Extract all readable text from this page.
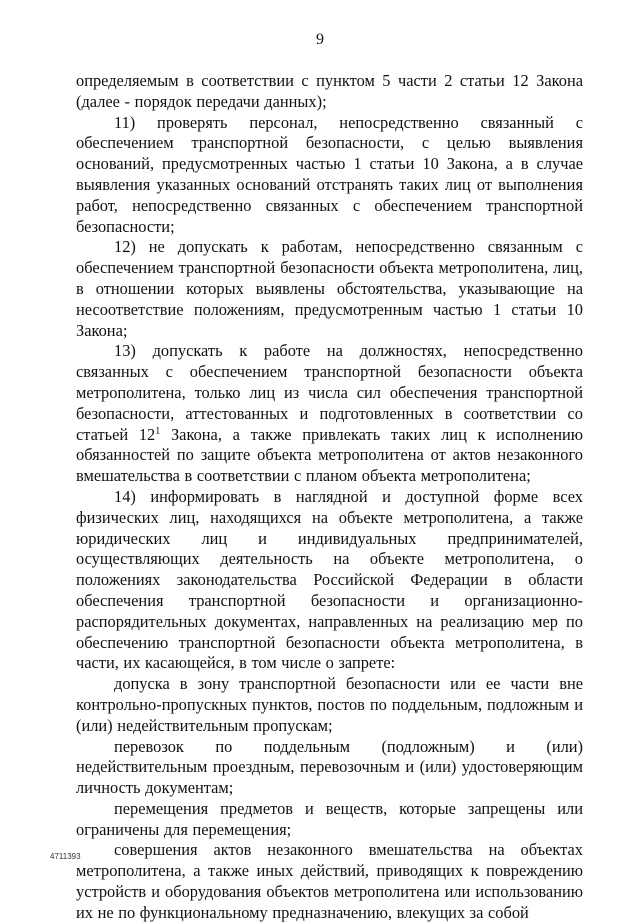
9

определяемым в соответствии с пунктом 5 части 2 статьи 12 Закона (далее - порядок передачи данных);

11) проверять персонал, непосредственно связанный с обеспечением транспортной безопасности, с целью выявления оснований, предусмотренных частью 1 статьи 10 Закона, а в случае выявления указанных оснований отстранять таких лиц от выполнения работ, непосредственно связанных с обеспечением транспортной безопасности;

12) не допускать к работам, непосредственно связанным с обеспечением транспортной безопасности объекта метрополитена, лиц, в отношении которых выявлены обстоятельства, указывающие на несоответствие положениям, предусмотренным частью 1 статьи 10 Закона;

13) допускать к работе на должностях, непосредственно связанных с обеспечением транспортной безопасности объекта метрополитена, только лиц из числа сил обеспечения транспортной безопасности, аттестованных и подготовленных в соответствии со статьей $12^1$ Закона, а также привлекать таких лиц к исполнению обязанностей по защите объекта метрополитена от актов незаконного вмешательства в соответствии с планом объекта метрополитена;

14) информировать в наглядной и доступной форме всех физических лиц, находящихся на объекте метрополитена, а также юридических лиц и индивидуальных предпринимателей, осуществляющих деятельность на объекте метрополитена, о положениях законодательства Российской Федерации в области обеспечения транспортной безопасности и организационно-распорядительных документах, направленных на реализацию мер по обеспечению транспортной безопасности объекта метрополитена, в части, их касающейся, в том числе о запрете:

допуска в зону транспортной безопасности или ее части вне контрольно-пропускных пунктов, постов по поддельным, подложным и (или) недействительным пропускам;

перевозок по поддельным (подложным) и (или) недействительным проездным, перевозочным и (или) удостоверяющим личность документам;

перемещения предметов и веществ, которые запрещены или ограничены для перемещения;

совершения актов незаконного вмешательства на объектах метрополитена, а также иных действий, приводящих к повреждению устройств и оборудования объектов метрополитена или использованию их не по функциональному предназначению, влекущих за собой

4711393
